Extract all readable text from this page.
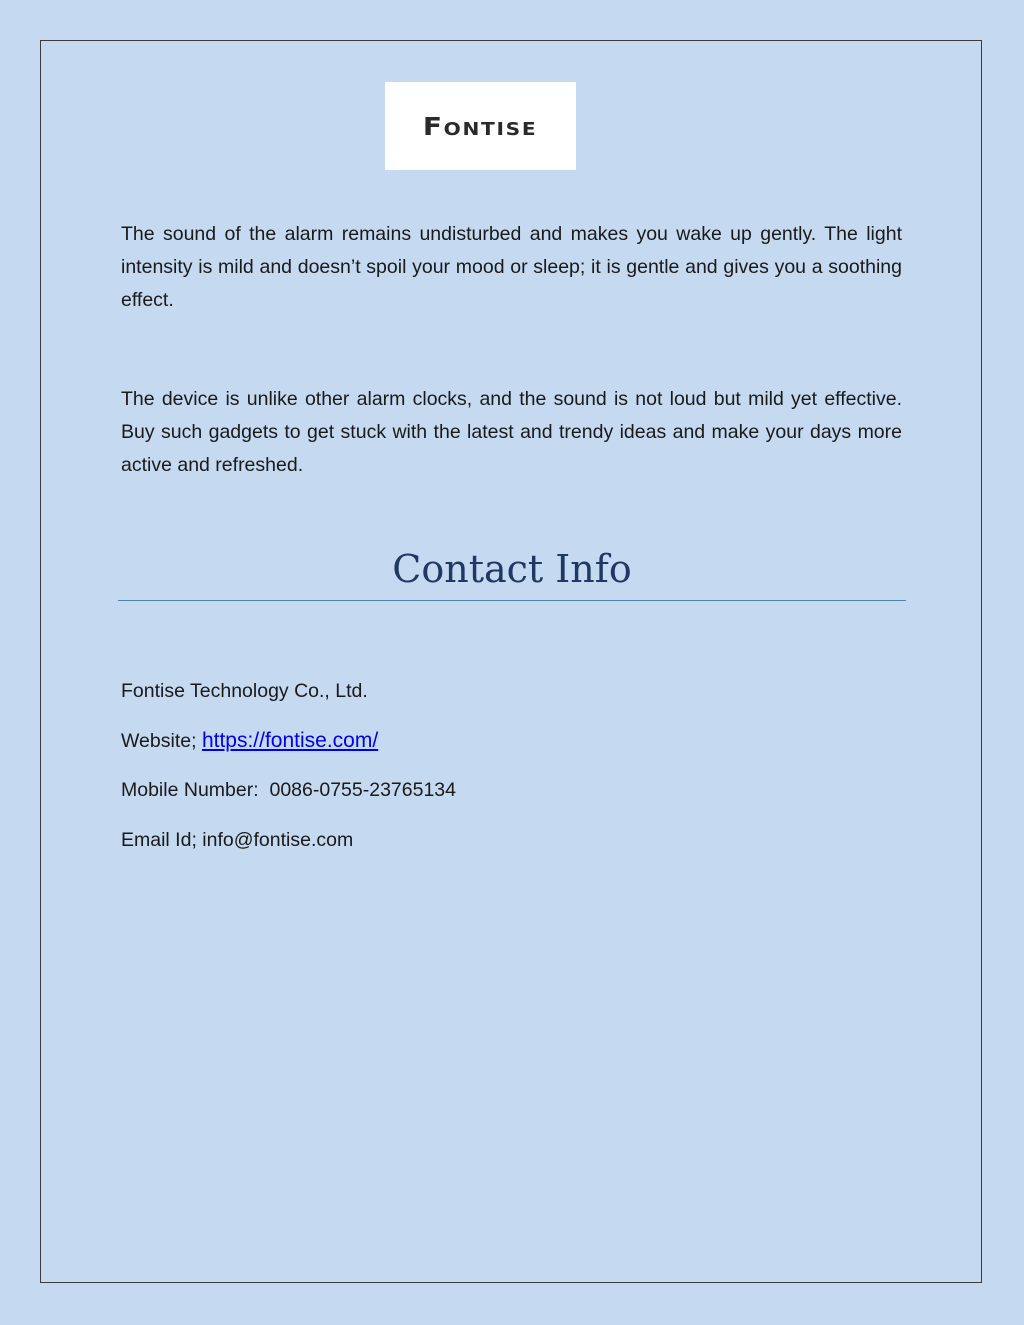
Fontise

The sound of the alarm remains undisturbed and makes you wake up gently. The light intensity is mild and doesn’t spoil your mood or sleep; it is gentle and gives you a soothing effect.

The device is unlike other alarm clocks, and the sound is not loud but mild yet effective. Buy such gadgets to get stuck with the latest and trendy ideas and make your days more active and refreshed.

Contact Info

Fontise Technology Co., Ltd.

Website; https://fontise.com/

Mobile Number: 0086-0755-23765134

Email Id; info@fontise.com
